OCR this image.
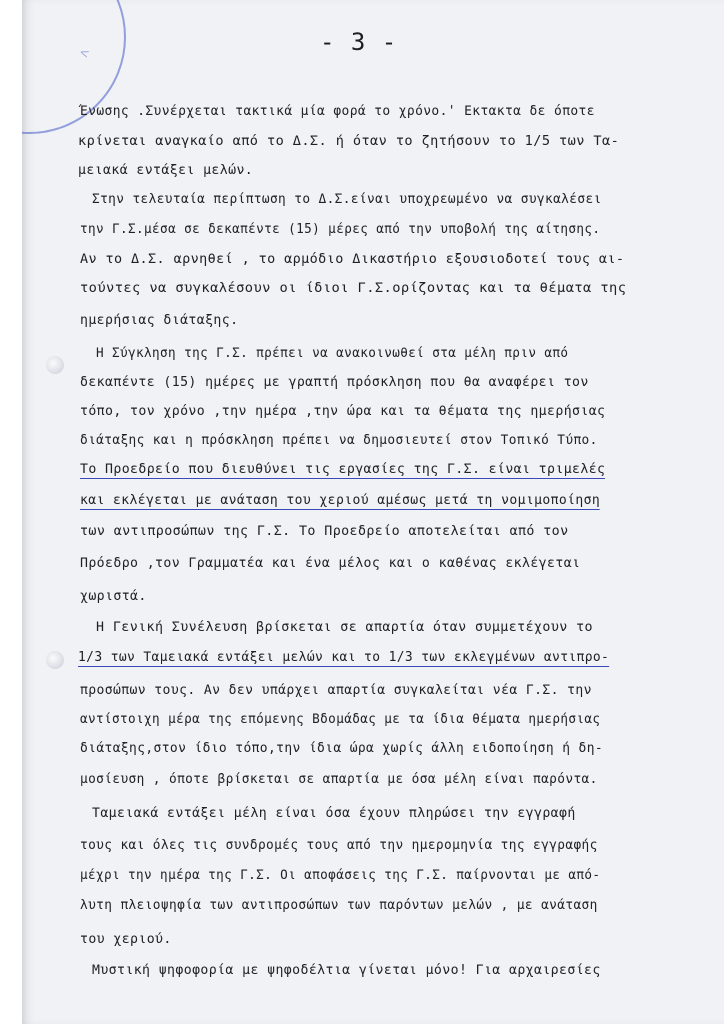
Λ	- 3 -
Ένωσης .Συνέρχεται τακτικά μία φορά το χρόνο.' Εκτακτα δε όποτε
κρίνεται αναγκαίο από το Δ.Σ. ή όταν το ζητήσουν το 1/5 των Τα-
μειακά εντάξει μελών.
Στην τελευταία περίπτωση το Δ.Σ.είναι υποχρεωμένο να συγκαλέσει
την Γ.Σ.μέσα σε δεκαπέντε (15) μέρες από την υποβολή της αίτησης.
Αν το Δ.Σ. αρνηθεί , το αρμόδιο Δικαστήριο εξουσιοδοτεί τους αι-
τούντες να συγκαλέσουν οι ίδιοι Γ.Σ.ορίζοντας και τα θέματα της
ημερήσιας διάταξης.
Η Σύγκληση της Γ.Σ. πρέπει να ανακοινωθεί στα μέλη πριν από
δεκαπέντε (15) ημέρες με γραπτή πρόσκληση που θα αναφέρει τον
τόπο, τον χρόνο ,την ημέρα ,την ώρα και τα θέματα της ημερήσιας
διάταξης και η πρόσκληση πρέπει να δημοσιευτεί στον Τοπικό Τύπο.
Το Προεδρείο που διευθύνει τις εργασίες της Γ.Σ. είναι τριμελές
και εκλέγεται με ανάταση του χεριού αμέσως μετά τη νομιμοποίηση
των αντιπροσώπων της Γ.Σ. Το Προεδρείο αποτελείται από τον
Πρόεδρο ,τον Γραμματέα και ένα μέλος και ο καθένας εκλέγεται
χωριστά.
Η Γενική Συνέλευση βρίσκεται σε απαρτία όταν συμμετέχουν το
1/3 των Ταμειακά εντάξει μελών και το 1/3 των εκλεγμένων αντιπρο-
προσώπων τους. Αν δεν υπάρχει απαρτία συγκαλείται νέα Γ.Σ. την
αντίστοιχη μέρα της επόμενης Βδομάδας με τα ίδια θέματα ημερήσιας
διάταξης,στον ίδιο τόπο,την ίδια ώρα χωρίς άλλη ειδοποίηση ή δη-
μοσίευση , όποτε βρίσκεται σε απαρτία με όσα μέλη είναι παρόντα.
Ταμειακά εντάξει μέλη είναι όσα έχουν πληρώσει την εγγραφή
τους και όλες τις συνδρομές τους από την ημερομηνία της εγγραφής
μέχρι την ημέρα της Γ.Σ. Οι αποφάσεις της Γ.Σ. παίρνονται με από-
λυτη πλειοψηφία των αντιπροσώπων των παρόντων μελών , με ανάταση
του χεριού.
Μυστική ψηφοφορία με ψηφοδέλτια γίνεται μόνο! Για αρχαιρεσίες
